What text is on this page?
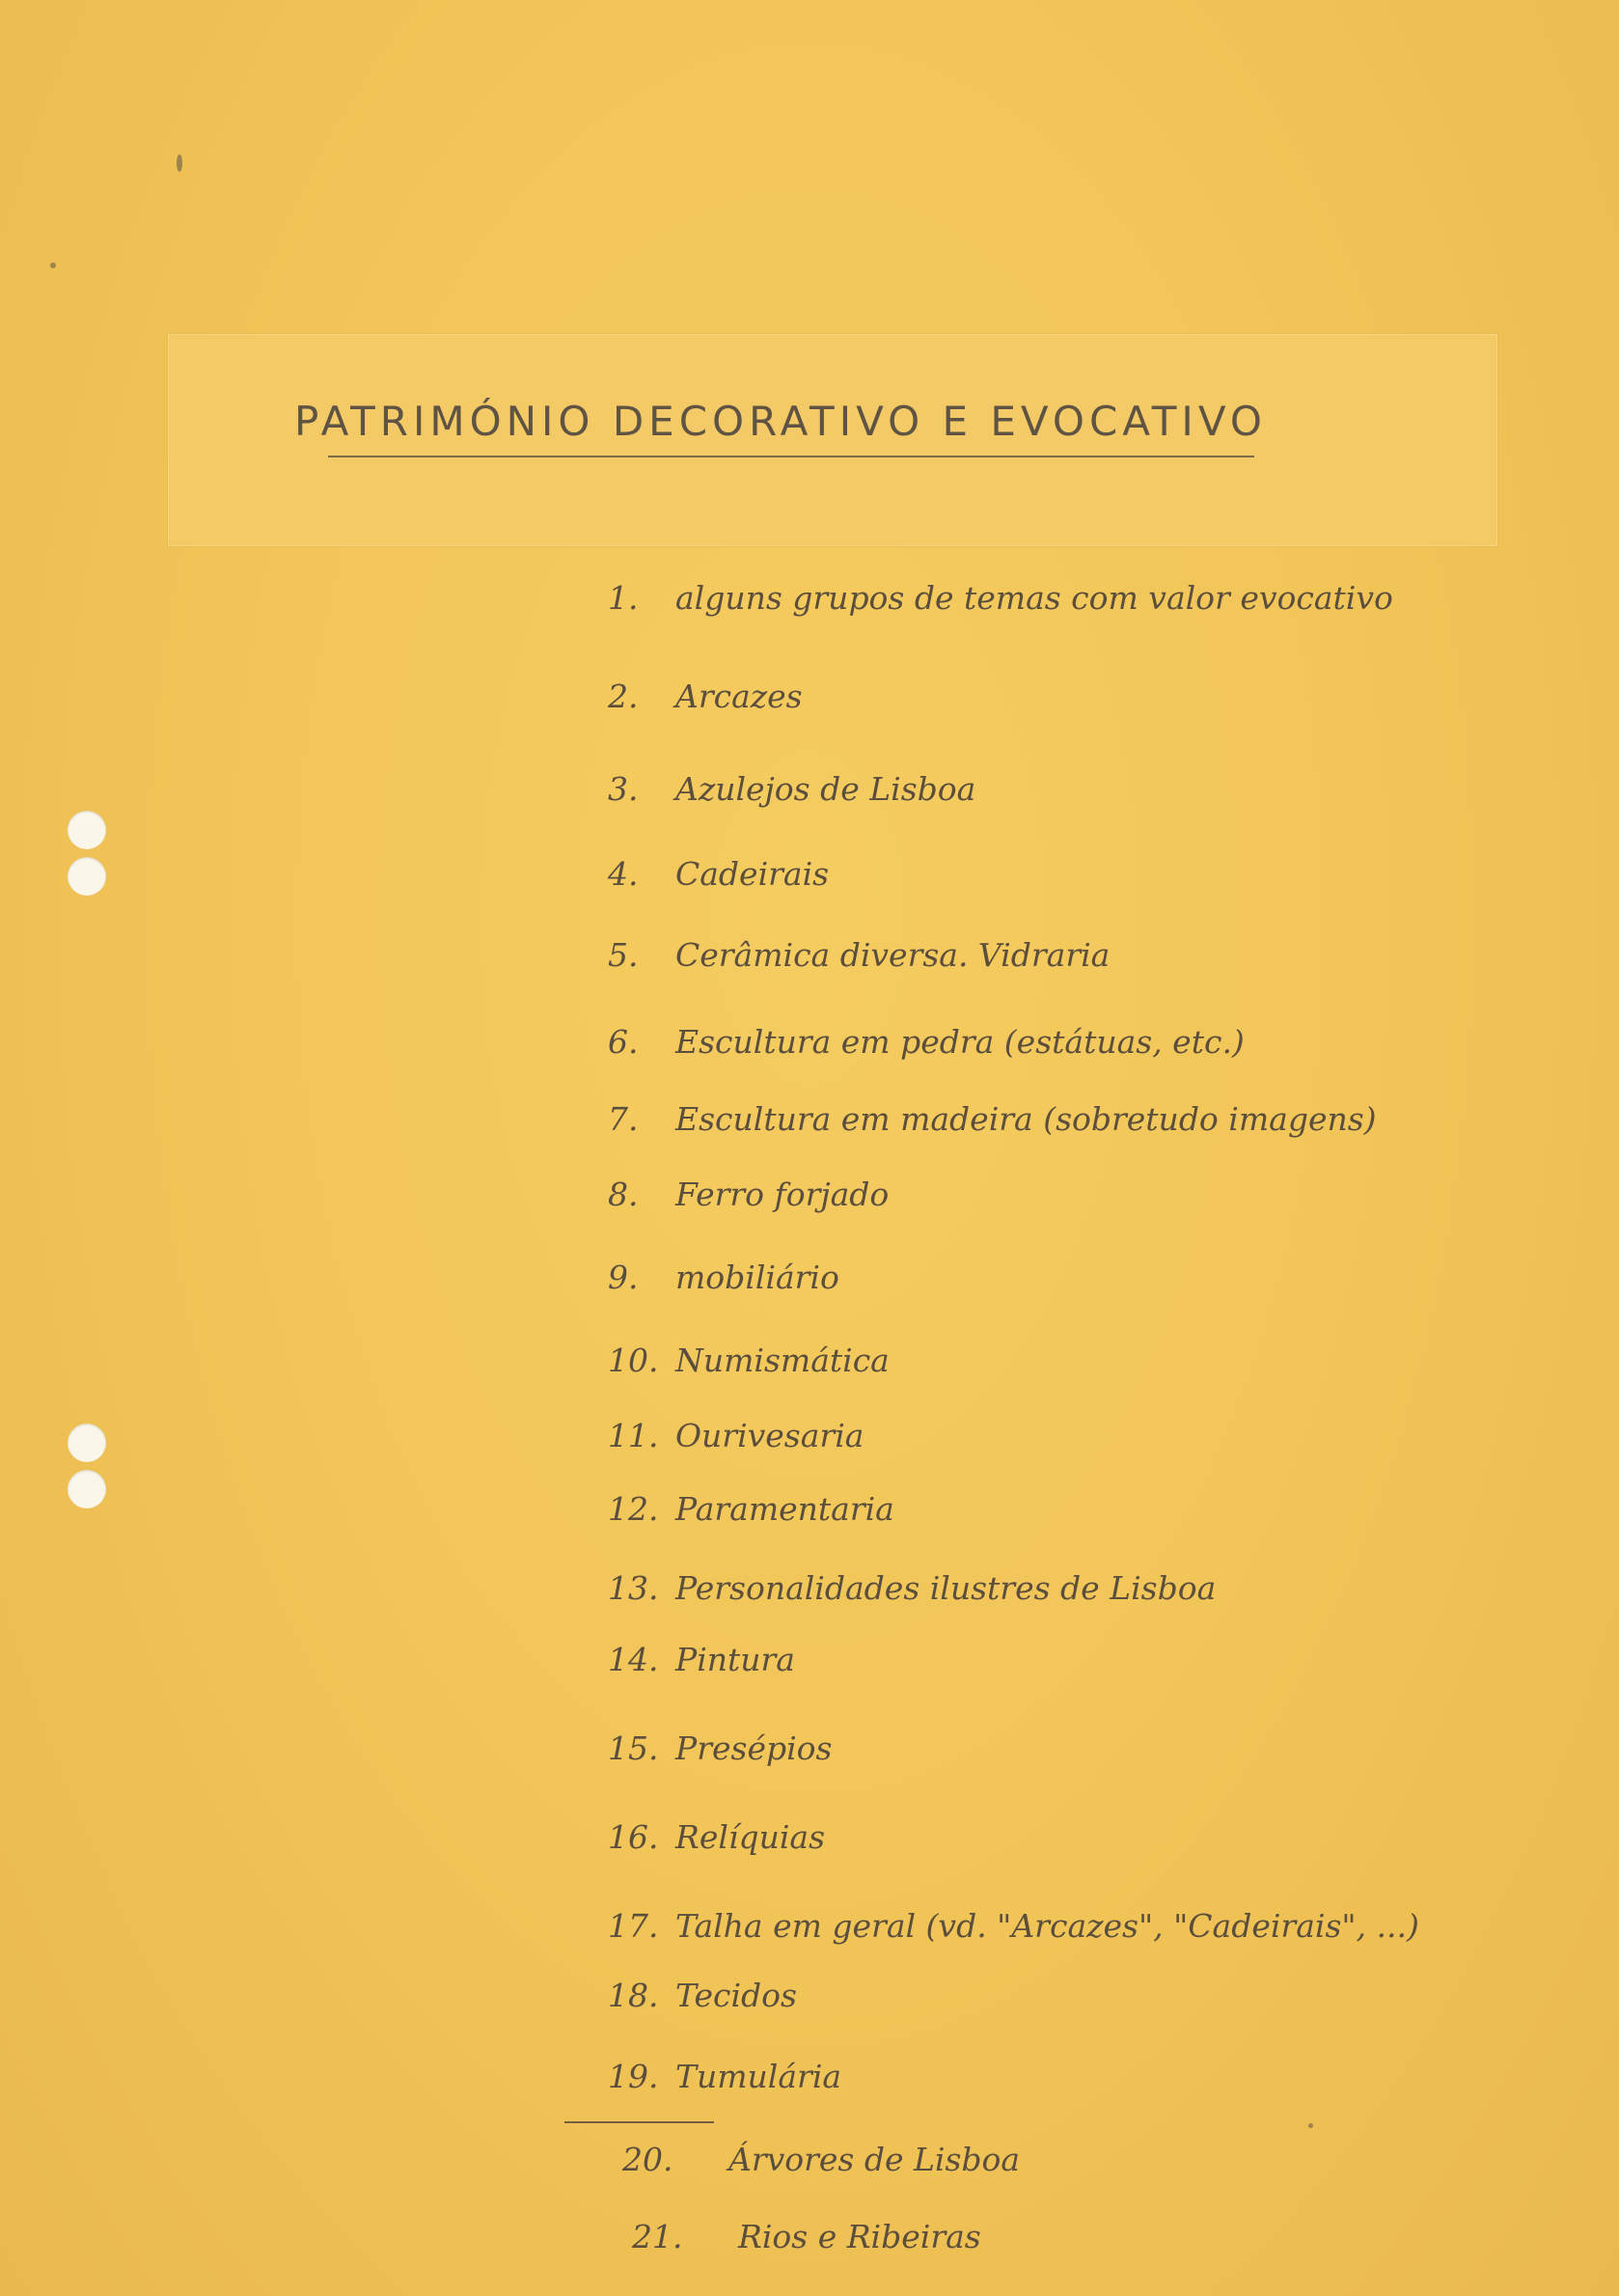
PATRIMÓNIO DECORATIVO E EVOCATIVO
1. alguns grupos de temas com valor evocativo
2. Arcazes
3. Azulejos de Lisboa
4. Cadeirais
5. Cerâmica diversa. Vidraria
6. Escultura em pedra (estátuas, etc.)
7. Escultura em madeira (sobretudo imagens)
8. Ferro forjado
9. mobiliário
10. Numismática
11. Ourivesaria
12. Paramentaria
13. Personalidades ilustres de Lisboa
14. Pintura
15. Presépios
16. Relíquias
17. Talha em geral (vd. "Arcazes", "Cadeirais", ...)
18. Tecidos
19. Tumulária
20. Árvores de Lisboa
21. Rios e Ribeiras
